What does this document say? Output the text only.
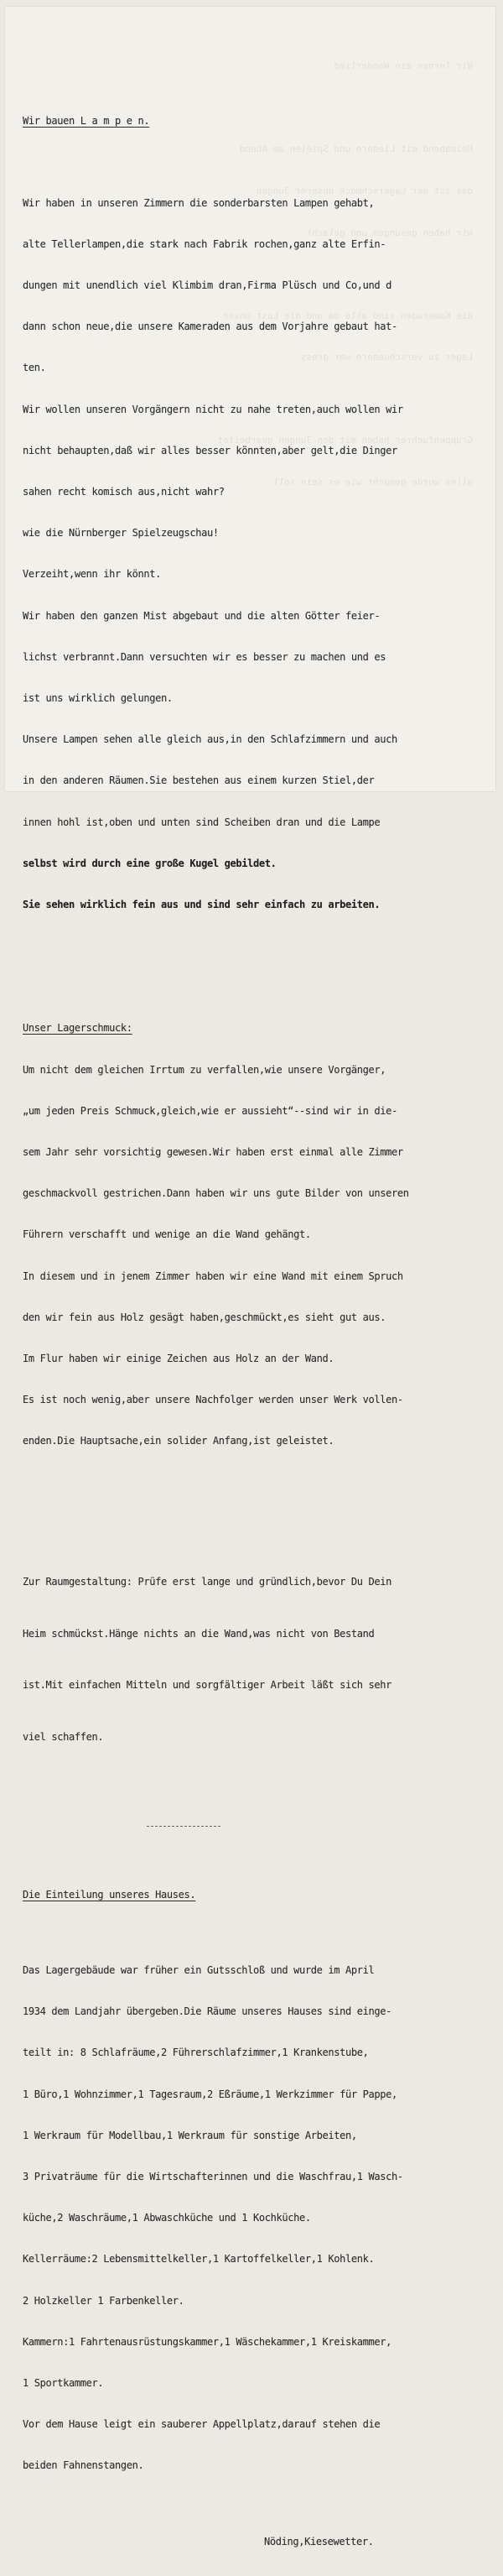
Wir lernen ein Wanderlied

Heimabend mit Liedern und Spielen am Abend

das ist der Lagerschmuck unserer Jungen

wir haben gesungen und gelacht

die Kameraden sind alle da und die Lust unser

Lager zu verschoenern war gross

Gruppenfuehrer haben mit den Jungen gearbeitet

alles wurde gemacht wie es sein soll

Wir bauen L a m p e n.

Wir haben in unseren Zimmern die sonderbarsten Lampen gehabt,

alte Tellerlampen,die stark nach Fabrik rochen,ganz alte Erfin-

dungen mit unendlich viel Klimbim dran,Firma Plüsch und Co,und d

dann schon neue,die unsere Kameraden aus dem Vorjahre gebaut hat-

ten.

Wir wollen unseren Vorgängern nicht zu nahe treten,auch wollen wir

nicht behaupten,daß wir alles besser könnten,aber gelt,die Dinger

sahen recht komisch aus,nicht wahr?

wie die Nürnberger Spielzeugschau!

Verzeiht,wenn ihr könnt.

Wir haben den ganzen Mist abgebaut und die alten Götter feier-

lichst verbrannt.Dann versuchten wir es besser zu machen und es

ist uns wirklich gelungen.

Unsere Lampen sehen alle gleich aus,in den Schlafzimmern und auch

in den anderen Räumen.Sie bestehen aus einem kurzen Stiel,der

innen hohl ist,oben und unten sind Scheiben dran und die Lampe

selbst wird durch eine große Kugel gebildet.

Sie sehen wirklich fein aus und sind sehr einfach zu arbeiten.

Unser Lagerschmuck:

Um nicht dem gleichen Irrtum zu verfallen,wie unsere Vorgänger,

„um jeden Preis Schmuck,gleich,wie er aussieht“--sind wir in die-

sem Jahr sehr vorsichtig gewesen.Wir haben erst einmal alle Zimmer

geschmackvoll gestrichen.Dann haben wir uns gute Bilder von unseren

Führern verschafft und wenige an die Wand gehängt.

In diesem und in jenem Zimmer haben wir eine Wand mit einem Spruch

den wir fein aus Holz gesägt haben,geschmückt,es sieht gut aus.

Im Flur haben wir einige Zeichen aus Holz an der Wand.

Es ist noch wenig,aber unsere Nachfolger werden unser Werk vollen-

enden.Die Hauptsache,ein solider Anfang,ist geleistet.

Zur Raumgestaltung: Prüfe erst lange und gründlich,bevor Du Dein

Heim schmückst.Hänge nichts an die Wand,was nicht von Bestand

ist.Mit einfachen Mitteln und sorgfältiger Arbeit läßt sich sehr

viel schaffen.

Die Einteilung unseres Hauses.

Das Lagergebäude war früher ein Gutsschloß und wurde im April

1934 dem Landjahr übergeben.Die Räume unseres Hauses sind einge-

teilt in: 8 Schlafräume,2 Führerschlafzimmer,1 Krankenstube,

1 Büro,1 Wohnzimmer,1 Tagesraum,2 Eßräume,1 Werkzimmer für Pappe,

1 Werkraum für Modellbau,1 Werkraum für sonstige Arbeiten,

3 Privaträume für die Wirtschafterinnen und die Waschfrau,1 Wasch-

küche,2 Waschräume,1 Abwaschküche und 1 Kochküche.

Kellerräume:2 Lebensmittelkeller,1 Kartoffelkeller,1 Kohlenk.

2 Holzkeller 1 Farbenkeller.

Kammern:1 Fahrtenausrüstungskammer,1 Wäschekammer,1 Kreiskammer,

1 Sportkammer.

Vor dem Hause leigt ein sauberer Appellplatz,darauf stehen die

beiden Fahnenstangen.

Nöding,Kiesewetter.
